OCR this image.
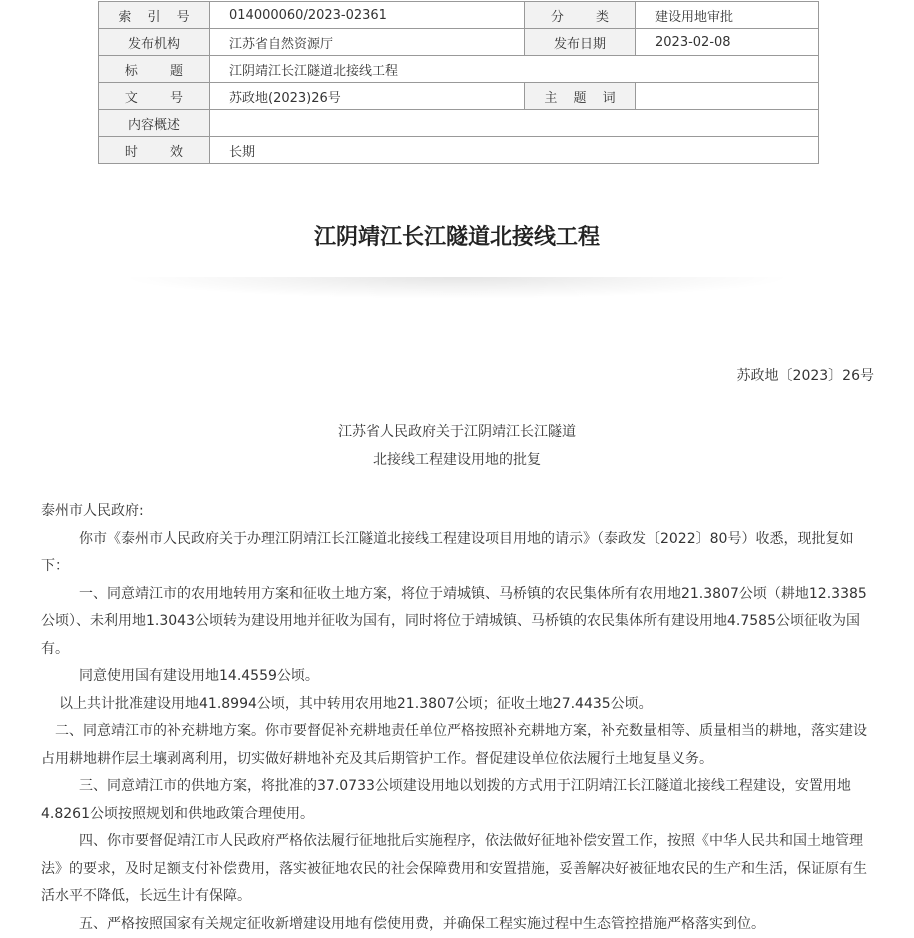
索 引 号	014000060/2023-02361	分 类	建设用地审批
发布机构	江苏省自然资源厅	发布日期	2023-02-08
标 题	江阴靖江长江隧道北接线工程		
文 号	苏政地(2023)26号	主 题 词	
内容概述			
时 效	长期		
江阴靖江长江隧道北接线工程
苏政地〔2023〕26号
江苏省人民政府关于江阴靖江长江隧道
北接线工程建设用地的批复

泰州市人民政府:

你市《泰州市人民政府关于办理江阴靖江长江隧道北接线工程建设项目用地的请示》（泰政发〔2022〕80号）收悉，现批复如下：

一、同意靖江市的农用地转用方案和征收土地方案，将位于靖城镇、马桥镇的农民集体所有农用地21.3807公顷（耕地12.3385公顷）、未利用地1.3043公顷转为建设用地并征收为国有，同时将位于靖城镇、马桥镇的农民集体所有建设用地4.7585公顷征收为国有。

同意使用国有建设用地14.4559公顷。

以上共计批准建设用地41.8994公顷，其中转用农用地21.3807公顷；征收土地27.4435公顷。

二、同意靖江市的补充耕地方案。你市要督促补充耕地责任单位严格按照补充耕地方案，补充数量相等、质量相当的耕地，落实建设占用耕地耕作层土壤剥离利用，切实做好耕地补充及其后期管护工作。督促建设单位依法履行土地复垦义务。

三、同意靖江市的供地方案，将批准的37.0733公顷建设用地以划拨的方式用于江阴靖江长江隧道北接线工程建设，安置用地4.8261公顷按照规划和供地政策合理使用。

四、你市要督促靖江市人民政府严格依法履行征地批后实施程序，依法做好征地补偿安置工作，按照《中华人民共和国土地管理法》的要求，及时足额支付补偿费用，落实被征地农民的社会保障费用和安置措施，妥善解决好被征地农民的生产和生活，保证原有生活水平不降低，长远生计有保障。

五、严格按照国家有关规定征收新增建设用地有偿使用费，并确保工程实施过程中生态管控措施严格落实到位。
